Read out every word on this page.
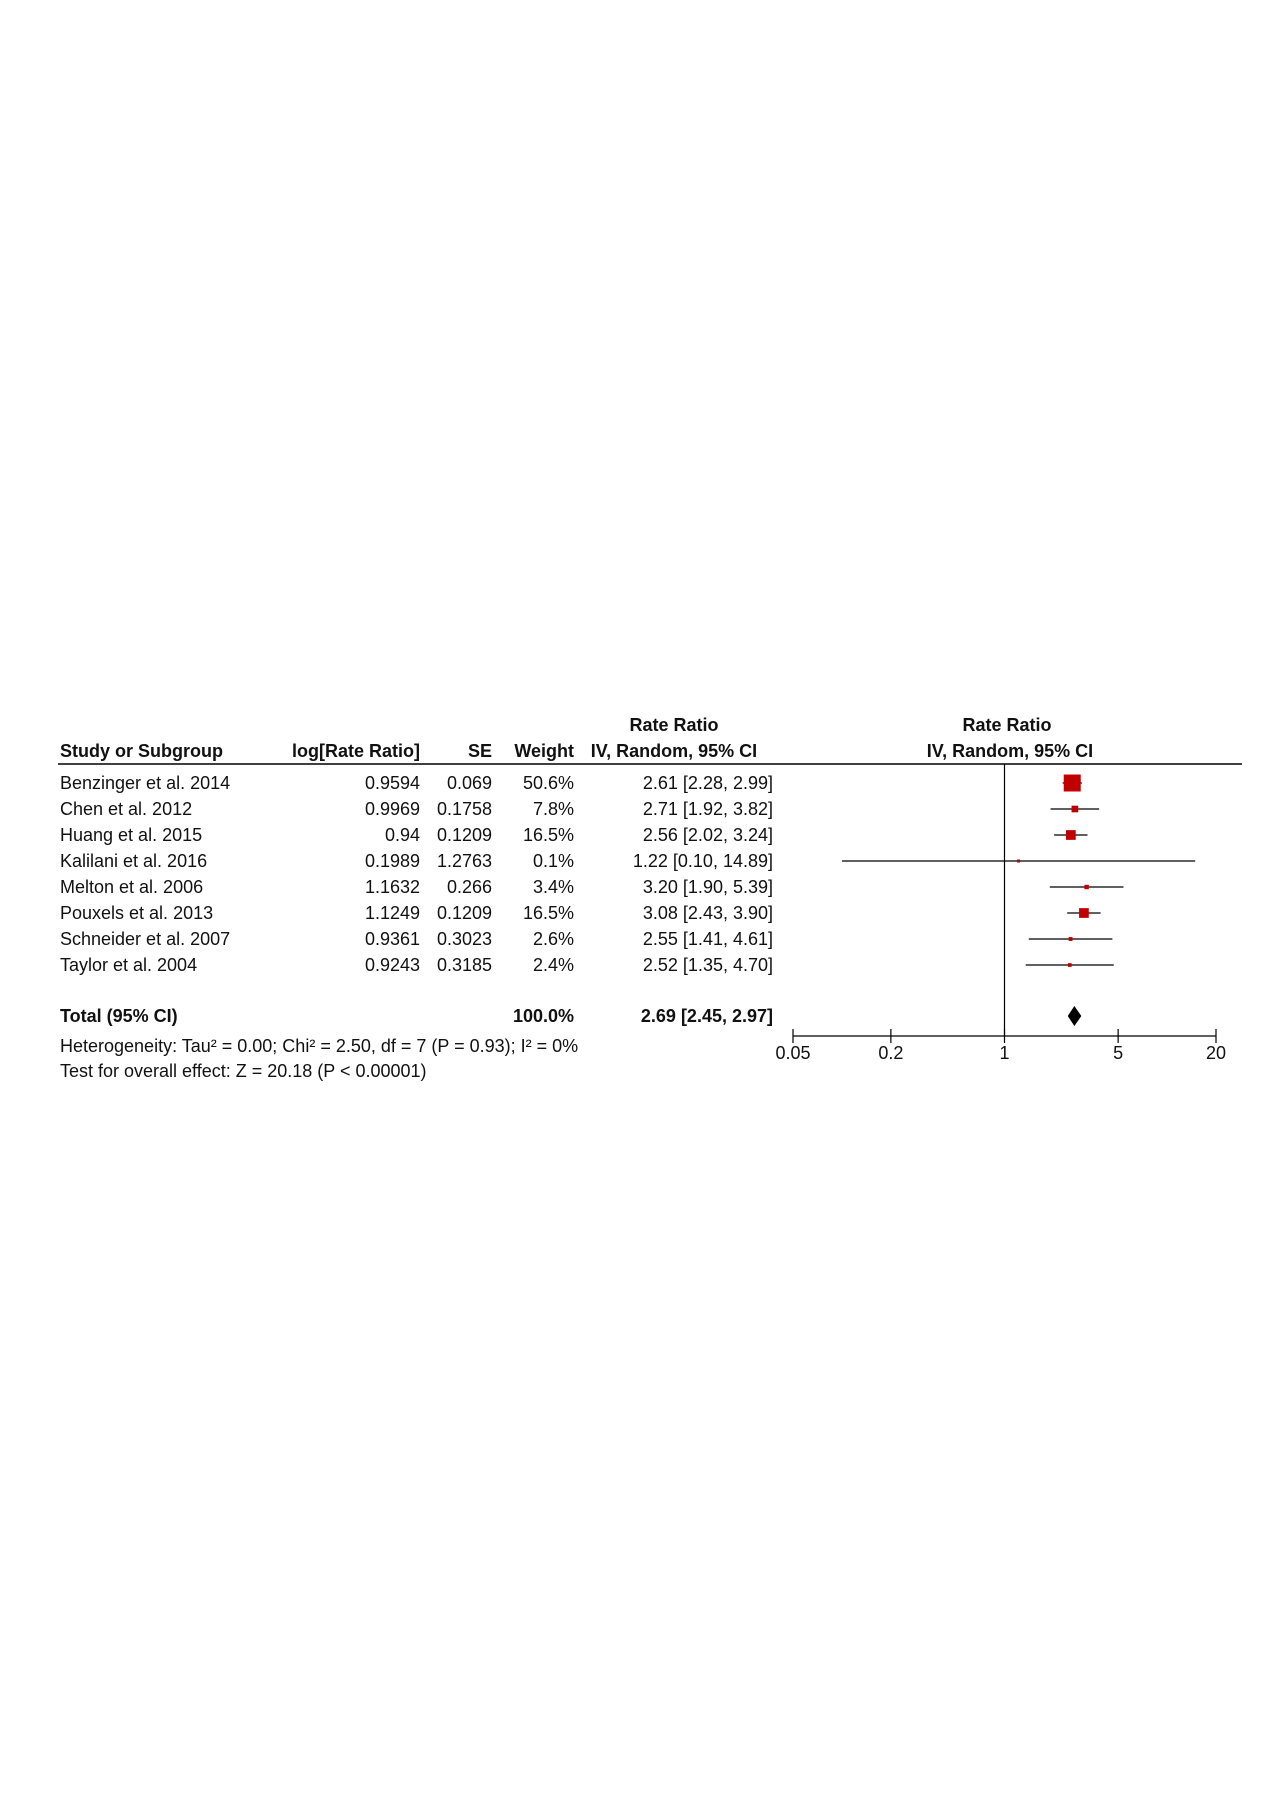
Rate Ratio	Rate Ratio
Study or Subgroup	log[Rate Ratio]	SE Weight IV, Random, 95% CI	IV, Random, 95% CI
Benzinger et al. 2014	0.9594 0.069 50.6%	2.61 [2.28, 2.99]
Chen et al. 2012	0.9969 0.1758 7.8%	2.71 [1.92, 3.82]
Huang et al. 2015	0.94 0.1209 16.5%	2.56 [2.02, 3.24]
Kalilani et al. 2016	0.1989 1.2763 0.1%	1.22 [0.10, 14.89]
Melton et al. 2006	1.1632 0.266 3.4%	3.20 [1.90, 5.39]
Pouxels et al. 2013	1.1249 0.1209 16.5%	3.08 [2.43, 3.90]
Schneider et al. 2007	0.9361 0.3023 2.6%	2.55 [1.41, 4.61]
Taylor et al. 2004	0.9243 0.3185 2.4%	2.52 [1.35, 4.70]
0.05	0.2	1	5	20
Total (95% CI)	100.0%	2.69 [2.45, 2.97]
Heterogeneity: Tau² = 0.00; Chi² = 2.50, df = 7 (P = 0.93); I² = 0%
Test for overall effect: Z = 20.18 (P < 0.00001)
